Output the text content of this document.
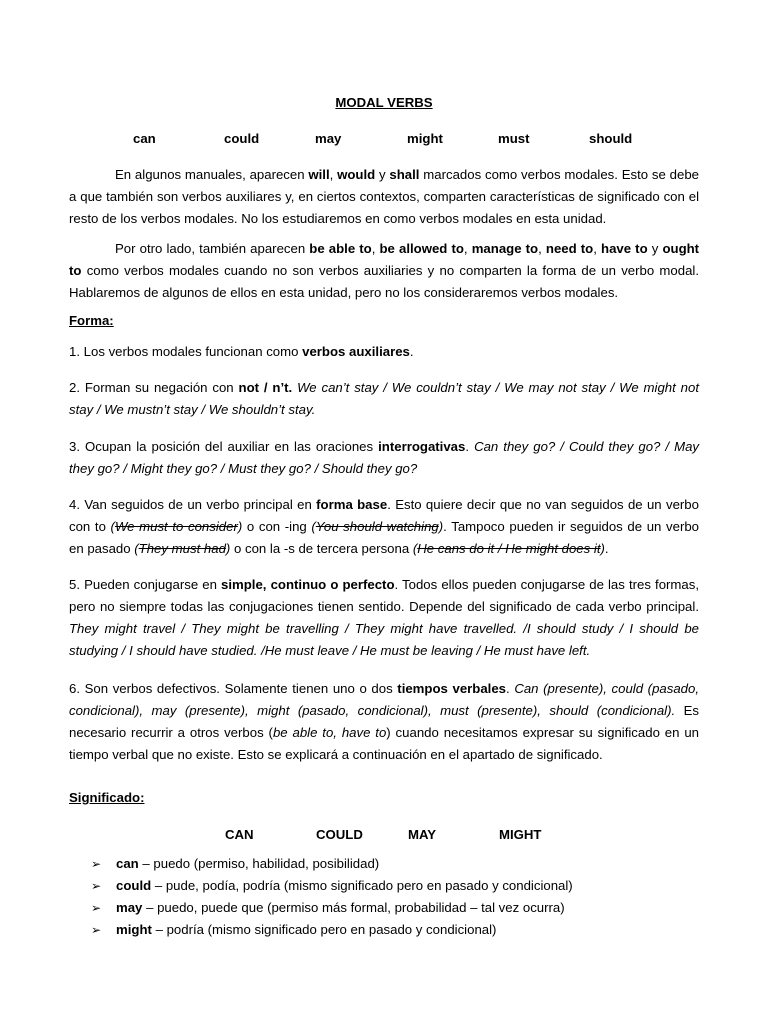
MODAL VERBS
can	could	may	might	must	should

En algunos manuales, aparecen will, would y shall marcados como verbos modales. Esto se debe a que también son verbos auxiliares y, en ciertos contextos, comparten características de significado con el resto de los verbos modales. No los estudiaremos en como verbos modales en esta unidad.

Por otro lado, también aparecen be able to, be allowed to, manage to, need to, have to y ought to como verbos modales cuando no son verbos auxiliaries y no comparten la forma de un verbo modal. Hablaremos de algunos de ellos en esta unidad, pero no los consideraremos verbos modales.

Forma:

1. Los verbos modales funcionan como verbos auxiliares.

2. Forman su negación con not / n’t. We can’t stay / We couldn’t stay / We may not stay / We might not stay / We mustn’t stay / We shouldn’t stay.

3. Ocupan la posición del auxiliar en las oraciones interrogativas. Can they go? / Could they go? / May they go? / Might they go? / Must they go? / Should they go?

4. Van seguidos de un verbo principal en forma base. Esto quiere decir que no van seguidos de un verbo con to (We must to consider) o con -ing (You should watching). Tampoco pueden ir seguidos de un verbo en pasado (They must had) o con la -s de tercera persona (He cans do it / He might does it).

5. Pueden conjugarse en simple, continuo o perfecto. Todos ellos pueden conjugarse de las tres formas, pero no siempre todas las conjugaciones tienen sentido. Depende del significado de cada verbo principal. They might travel / They might be travelling / They might have travelled. /I should study / I should be studying / I should have studied. /He must leave / He must be leaving / He must have left.

6. Son verbos defectivos. Solamente tienen uno o dos tiempos verbales. Can (presente), could (pasado, condicional), may (presente), might (pasado, condicional), must (presente), should (condicional). Es necesario recurrir a otros verbos (be able to, have to) cuando necesitamos expresar su significado en un tiempo verbal que no existe. Esto se explicará a continuación en el apartado de significado.

Significado:
CAN	COULD	MAY	MIGHT
➢ can – puedo (permiso, habilidad, posibilidad)
➢ could – pude, podía, podría (mismo significado pero en pasado y condicional)
➢ may – puedo, puede que (permiso más formal, probabilidad – tal vez ocurra)
➢ might – podría (mismo significado pero en pasado y condicional)
